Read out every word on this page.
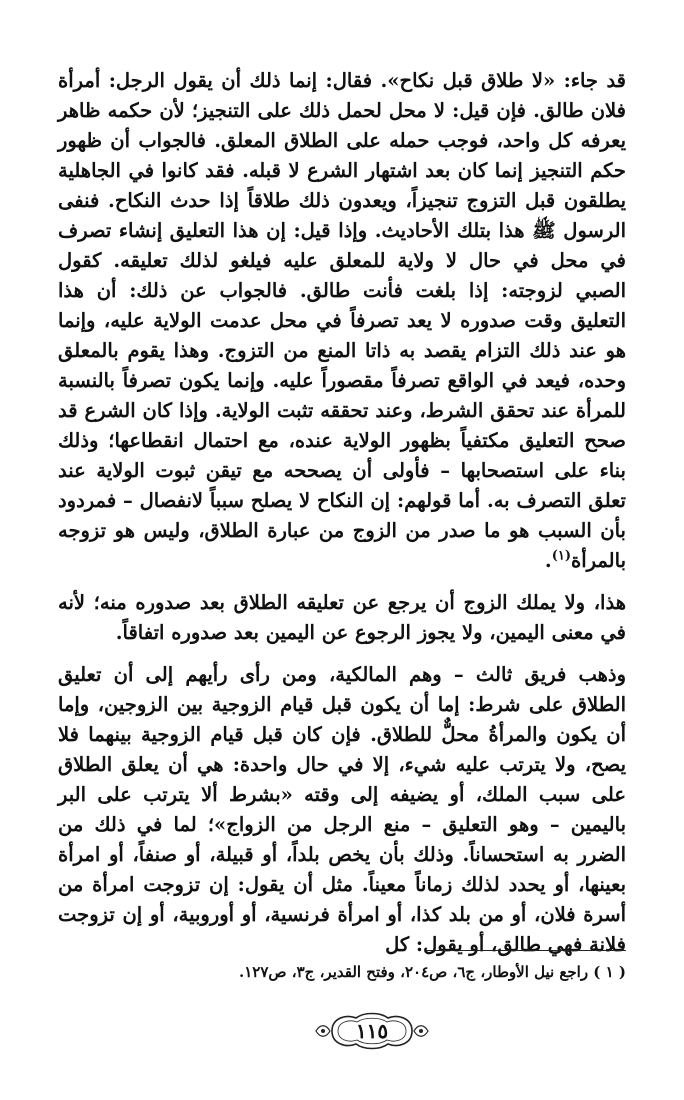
قد جاء: «لا طلاق قبل نكاح». فقال: إنما ذلك أن يقول الرجل: أمرأة فلان طالق. فإن قيل: لا محل لحمل ذلك على التنجيز؛ لأن حكمه ظاهر يعرفه كل واحد، فوجب حمله على الطلاق المعلق. فالجواب أن ظهور حكم التنجيز إنما كان بعد اشتهار الشرع لا قبله. فقد كانوا في الجاهلية يطلقون قبل التزوج تنجيزاً، ويعدون ذلك طلاقاً إذا حدث النكاح. فنفى الرسول ﷺ هذا بتلك الأحاديث. وإذا قيل: إن هذا التعليق إنشاء تصرف في محل في حال لا ولاية للمعلق عليه فيلغو لذلك تعليقه. كقول الصبي لزوجته: إذا بلغت فأنت طالق. فالجواب عن ذلك: أن هذا التعليق وقت صدوره لا يعد تصرفاً في محل عدمت الولاية عليه، وإنما هو عند ذلك التزام يقصد به ذاتا المنع من التزوج. وهذا يقوم بالمعلق وحده، فيعد في الواقع تصرفاً مقصوراً عليه. وإنما يكون تصرفاً بالنسبة للمرأة عند تحقق الشرط، وعند تحققه تثبت الولاية. وإذا كان الشرع قد صحح التعليق مكتفياً بظهور الولاية عنده، مع احتمال انقطاعها؛ وذلك بناء على استصحابها – فأولى أن يصححه مع تيقن ثبوت الولاية عند تعلق التصرف به. أما قولهم: إن النكاح لا يصلح سبباً لانفصال – فمردود بأن السبب هو ما صدر من الزوج من عبارة الطلاق، وليس هو تزوجه بالمرأة$^{(١)}$.

هذا، ولا يملك الزوج أن يرجع عن تعليقه الطلاق بعد صدوره منه؛ لأنه في معنى اليمين، ولا يجوز الرجوع عن اليمين بعد صدوره اتفاقاً.

وذهب فريق ثالث – وهم المالكية، ومن رأى رأيهم إلى أن تعليق الطلاق على شرط: إما أن يكون قبل قيام الزوجية بين الزوجين، وإما أن يكون والمرأةُ محلٌّ للطلاق. فإن كان قبل قيام الزوجية بينهما فلا يصح، ولا يترتب عليه شيء، إلا في حال واحدة: هي أن يعلق الطلاق على سبب الملك، أو يضيفه إلى وقته «بشرط ألا يترتب على البر باليمين – وهو التعليق – منع الرجل من الزواج»؛ لما في ذلك من الضرر به استحساناً. وذلك بأن يخص بلداً، أو قبيلة، أو صنفاً، أو امرأة بعينها، أو يحدد لذلك زماناً معيناً. مثل أن يقول: إن تزوجت امرأة من أسرة فلان، أو من بلد كذا، أو امرأة فرنسية، أو أوروبية، أو إن تزوجت فلانة فهي طالق، أو يقول: كل

( ١ ) راجع نيل الأوطار، ج٦، ص٢٠٤، وفتح القدير، ج٣، ص١٢٧.
١١٥
